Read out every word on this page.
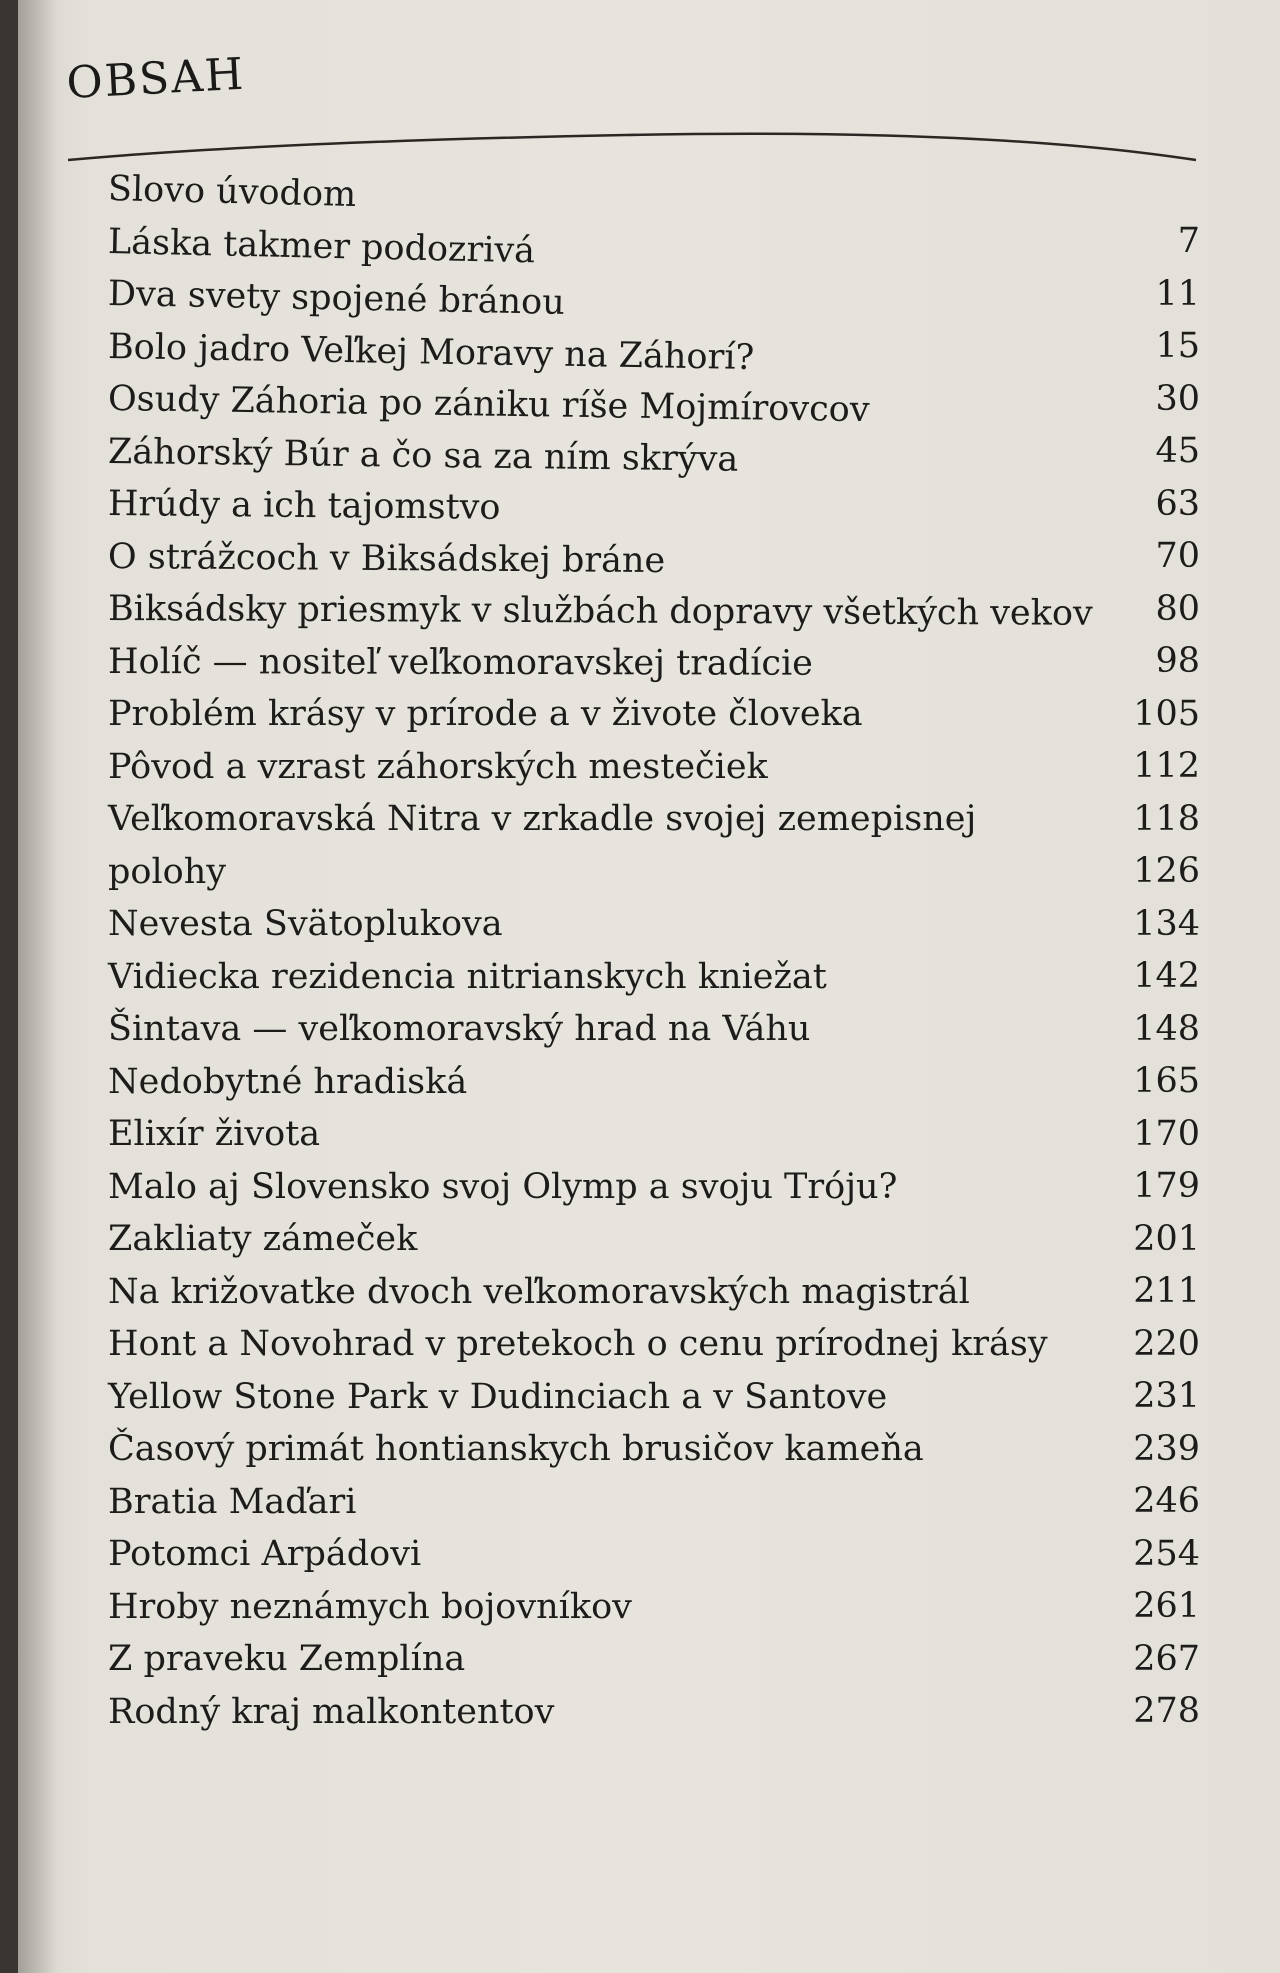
OBSAH
Slovo úvodom
Láska takmer podozrivá	7
Dva svety spojené bránou	11
Bolo jadro Veľkej Moravy na Záhorí?	15
Osudy Záhoria po zániku ríše Mojmírovcov	30
Záhorský Búr a čo sa za ním skrýva	45
Hrúdy a ich tajomstvo	63
O strážcoch v Biksádskej bráne	70
Biksádsky priesmyk v službách dopravy všetkých vekov 80
Holíč — nositeľ veľkomoravskej tradície	98
Problém krásy v prírode a v živote človeka	105
Pôvod a vzrast záhorských mestečiek	112
Veľkomoravská Nitra v zrkadle svojej zemepisnej	118
polohy	126
Nevesta Svätoplukova	134
Vidiecka rezidencia nitrianskych kniežat	142
Šintava — veľkomoravský hrad na Váhu	148
Nedobytné hradiská	165
Elixír života	170
Malo aj Slovensko svoj Olymp a svoju Tróju?	179
Zakliaty zámeček	201
Na križovatke dvoch veľkomoravských magistrál	211
Hont a Novohrad v pretekoch o cenu prírodnej krásy 220
Yellow Stone Park v Dudinciach a v Santove	231
Časový primát hontianskych brusičov kameňa	239
Bratia Maďari	246
Potomci Arpádovi	254
Hroby neznámych bojovníkov	261
Z praveku Zemplína	267
Rodný kraj malkontentov	278
